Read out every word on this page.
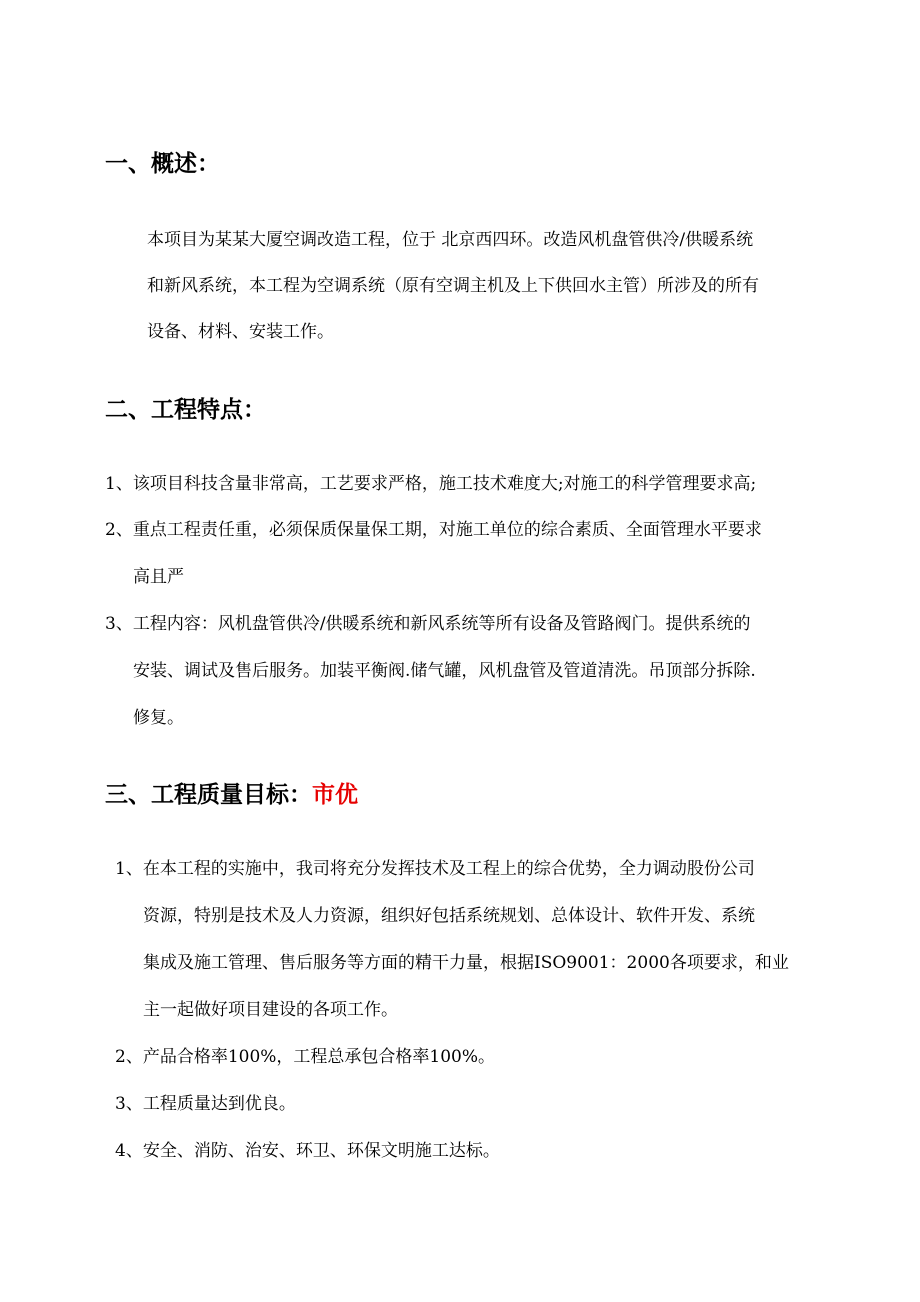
一、概述：
本项目为某某大厦空调改造工程，位于 北京西四环。改造风机盘管供冷/供暖系统
和新风系统，本工程为空调系统（原有空调主机及上下供回水主管）所涉及的所有
设备、材料、安装工作。
二、工程特点：
1、该项目科技含量非常高，工艺要求严格，施工技术难度大;对施工的科学管理要求高;
2、重点工程责任重，必须保质保量保工期，对施工单位的综合素质、全面管理水平要求
高且严
3、工程内容：风机盘管供冷/供暖系统和新风系统等所有设备及管路阀门。提供系统的
安装、调试及售后服务。加装平衡阀.储气罐，风机盘管及管道清洗。吊顶部分拆除.
修复。
三、工程质量目标：市优
1、在本工程的实施中，我司将充分发挥技术及工程上的综合优势，全力调动股份公司
资源，特别是技术及人力资源，组织好包括系统规划、总体设计、软件开发、系统
集成及施工管理、售后服务等方面的精干力量，根据ISO9001：2000各项要求，和业
主一起做好项目建设的各项工作。
2、产品合格率100%，工程总承包合格率100%。
3、工程质量达到优良。
4、安全、消防、治安、环卫、环保文明施工达标。
